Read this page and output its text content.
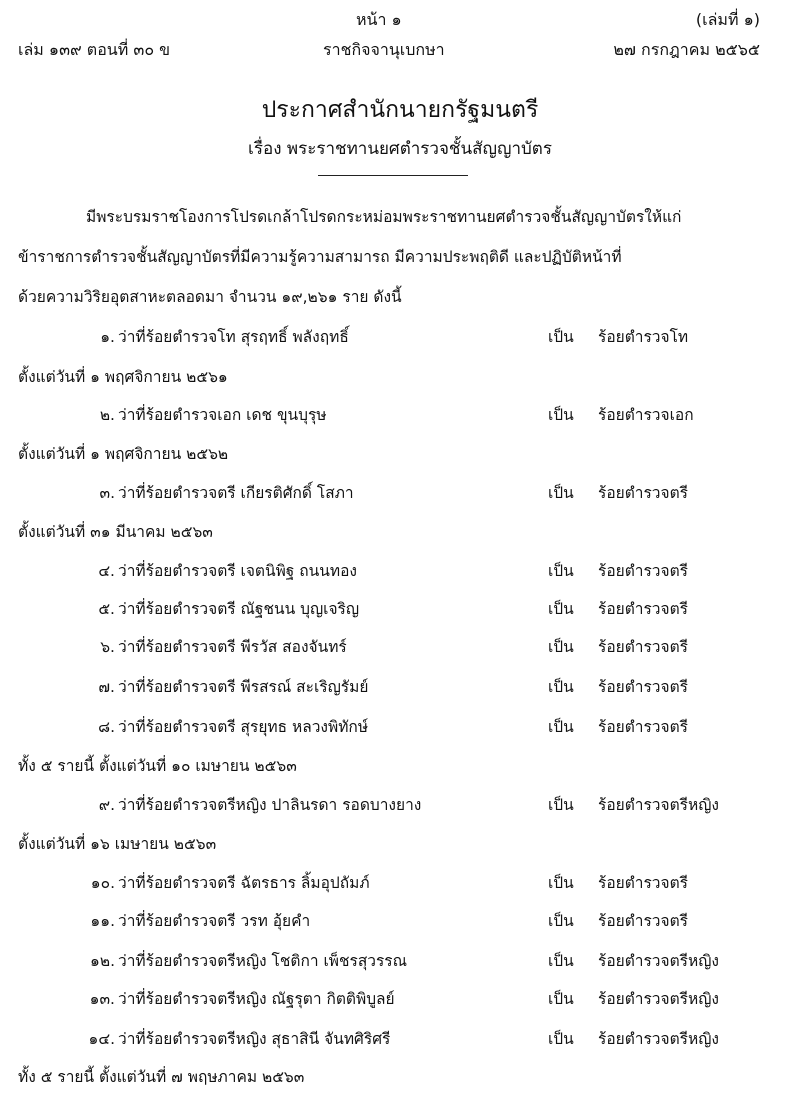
หน้า ๑	(เล่มที่ ๑)
เล่ม ๑๓๙ ตอนที่ ๓๐ ข	ราชกิจจานุเบกษา	๒๗ กรกฎาคม ๒๕๖๕
ประกาศสำนักนายกรัฐมนตรี
เรื่อง พระราชทานยศตำรวจชั้นสัญญาบัตร
มีพระบรมราชโองการโปรดเกล้าโปรดกระหม่อมพระราชทานยศตำรวจชั้นสัญญาบัตรให้แก่
ข้าราชการตำรวจชั้นสัญญาบัตรที่มีความรู้ความสามารถ มีความประพฤติดี และปฏิบัติหน้าที่
ด้วยความวิริยอุตสาหะตลอดมา จำนวน ๑๙,๒๖๑ ราย ดังนี้
๑. ว่าที่ร้อยตำรวจโท สุรฤทธิ์ พลังฤทธิ์	เป็น ร้อยตำรวจโท
ตั้งแต่วันที่ ๑ พฤศจิกายน ๒๕๖๑
๒. ว่าที่ร้อยตำรวจเอก เดช ขุนบุรุษ	เป็น ร้อยตำรวจเอก
ตั้งแต่วันที่ ๑ พฤศจิกายน ๒๕๖๒
๓. ว่าที่ร้อยตำรวจตรี เกียรติศักดิ์ โสภา	เป็น ร้อยตำรวจตรี
ตั้งแต่วันที่ ๓๑ มีนาคม ๒๕๖๓
๔. ว่าที่ร้อยตำรวจตรี เจตนิพิฐ ถนนทอง	เป็น ร้อยตำรวจตรี
๕. ว่าที่ร้อยตำรวจตรี ณัฐชนน บุญเจริญ	เป็น ร้อยตำรวจตรี
๖. ว่าที่ร้อยตำรวจตรี พีรวัส สองจันทร์	เป็น ร้อยตำรวจตรี
๗. ว่าที่ร้อยตำรวจตรี พีรสรณ์ สะเริญรัมย์	เป็น ร้อยตำรวจตรี
๘. ว่าที่ร้อยตำรวจตรี สุรยุทธ หลวงพิทักษ์	เป็น ร้อยตำรวจตรี
ทั้ง ๕ รายนี้ ตั้งแต่วันที่ ๑๐ เมษายน ๒๕๖๓
๙. ว่าที่ร้อยตำรวจตรีหญิง ปาลินรดา รอดบางยาง	เป็น ร้อยตำรวจตรีหญิง
ตั้งแต่วันที่ ๑๖ เมษายน ๒๕๖๓
๑๐. ว่าที่ร้อยตำรวจตรี ฉัตรธาร ลิ้มอุปถัมภ์	เป็น ร้อยตำรวจตรี
๑๑. ว่าที่ร้อยตำรวจตรี วรท อุ้ยคำ	เป็น ร้อยตำรวจตรี
๑๒. ว่าที่ร้อยตำรวจตรีหญิง โชติกา เพ็ชรสุวรรณ	เป็น ร้อยตำรวจตรีหญิง
๑๓. ว่าที่ร้อยตำรวจตรีหญิง ณัฐรุตา กิตติพิบูลย์	เป็น ร้อยตำรวจตรีหญิง
๑๔. ว่าที่ร้อยตำรวจตรีหญิง สุธาสินี จันทศิริศรี	เป็น ร้อยตำรวจตรีหญิง
ทั้ง ๕ รายนี้ ตั้งแต่วันที่ ๗ พฤษภาคม ๒๕๖๓
